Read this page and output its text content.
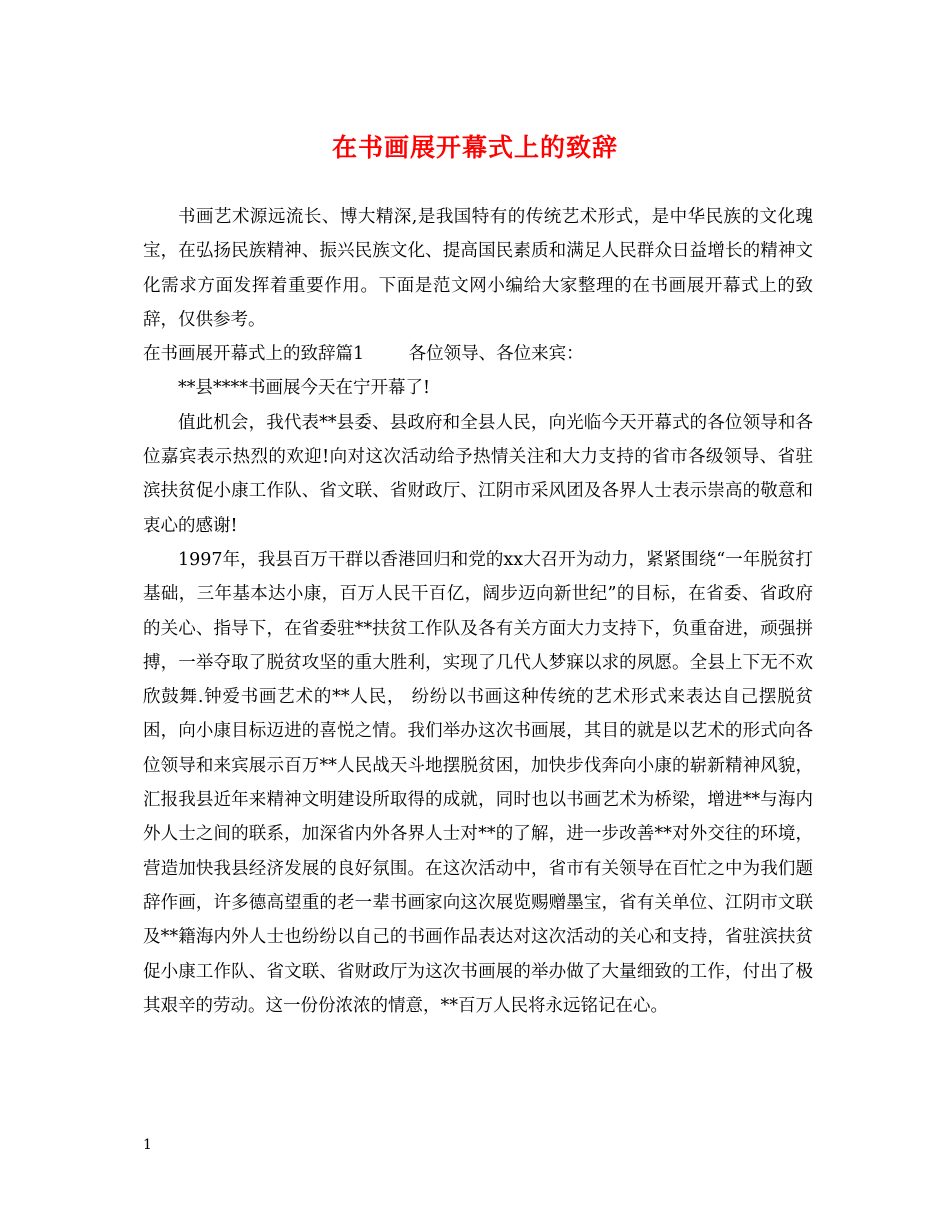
在书画展开幕式上的致辞

书画艺术源远流长、博大精深,是我国特有的传统艺术形式，是中华民族的文化瑰宝，在弘扬民族精神、振兴民族文化、提高国民素质和满足人民群众日益增长的精神文化需求方面发挥着重要作用。下面是范文网小编给大家整理的在书画展开幕式上的致辞，仅供参考。

在书画展开幕式上的致辞篇1	各位领导、各位来宾：

**县****书画展今天在宁开幕了!

值此机会，我代表**县委、县政府和全县人民，向光临今天开幕式的各位领导和各位嘉宾表示热烈的欢迎!向对这次活动给予热情关注和大力支持的省市各级领导、省驻滨扶贫促小康工作队、省文联、省财政厅、江阴市采风团及各界人士表示崇高的敬意和衷心的感谢!

1997年，我县百万干群以香港回归和党的xx大召开为动力，紧紧围绕“一年脱贫打基础，三年基本达小康，百万人民干百亿，阔步迈向新世纪”的目标，在省委、省政府的关心、指导下，在省委驻**扶贫工作队及各有关方面大力支持下，负重奋进，顽强拼搏，一举夺取了脱贫攻坚的重大胜利，实现了几代人梦寐以求的夙愿。全县上下无不欢欣鼓舞.钟爱书画艺术的**人民， 纷纷以书画这种传统的艺术形式来表达自己摆脱贫困，向小康目标迈进的喜悦之情。我们举办这次书画展，其目的就是以艺术的形式向各位领导和来宾展示百万**人民战天斗地摆脱贫困，加快步伐奔向小康的崭新精神风貌，汇报我县近年来精神文明建设所取得的成就，同时也以书画艺术为桥梁，增进**与海内外人士之间的联系，加深省内外各界人士对**的了解，进一步改善**对外交往的环境，营造加快我县经济发展的良好氛围。在这次活动中，省市有关领导在百忙之中为我们题辞作画，许多德高望重的老一辈书画家向这次展览赐赠墨宝，省有关单位、江阴市文联及**籍海内外人士也纷纷以自己的书画作品表达对这次活动的关心和支持，省驻滨扶贫促小康工作队、省文联、省财政厅为这次书画展的举办做了大量细致的工作，付出了极其艰辛的劳动。这一份份浓浓的情意，**百万人民将永远铭记在心。

1
